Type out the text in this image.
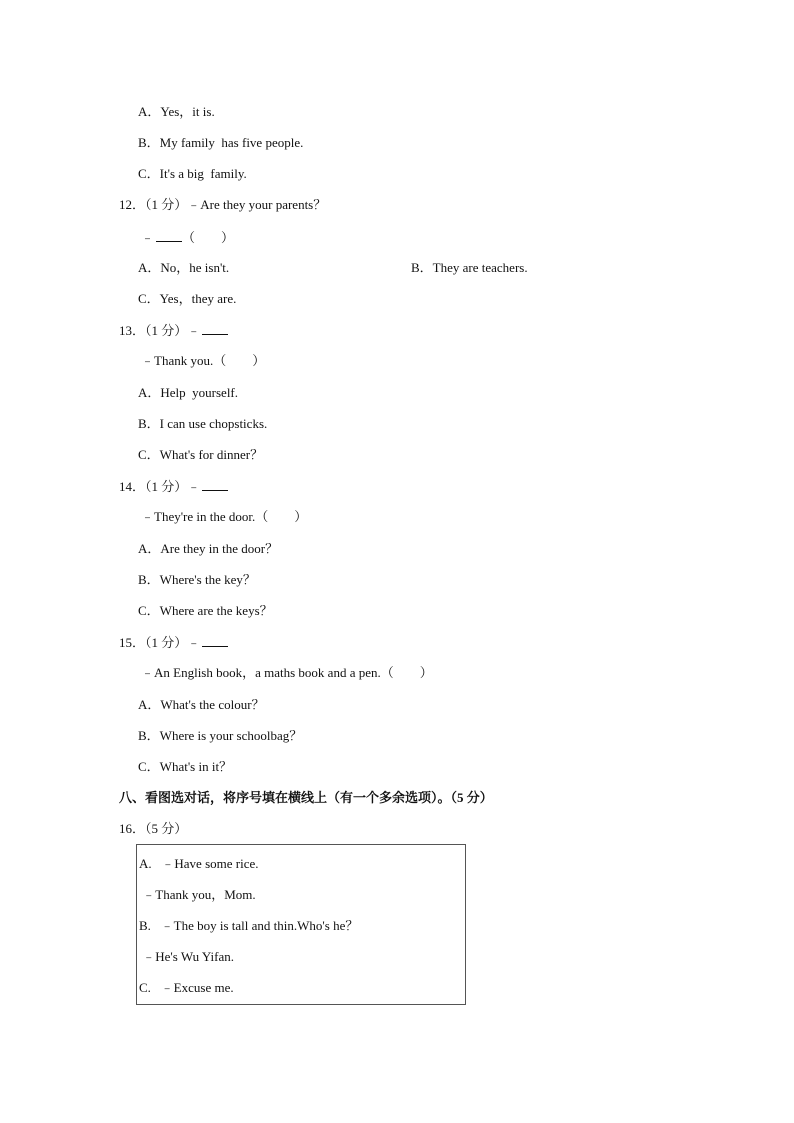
A．Yes，it is.
B．My family  has five people.
C．It's a big  family.
12．（1 分）﹣Are they your parents？
﹣ （        ）
A．No，he isn't.	B．They are teachers.
C．Yes，they are.
13．（1 分）﹣
﹣Thank you.（        ）
A．Help  yourself.
B．I can use chopsticks.
C．What's for dinner？
14．（1 分）﹣
﹣They're in the door.（        ）
A．Are they in the door？
B．Where's the key？
C．Where are the keys？
15．（1 分）﹣
﹣An English book，a maths book and a pen.（        ）
A．What's the colour？
B．Where is your schoolbag？
C．What's in it？
八、看图选对话，将序号填在横线上（有一个多余选项）。（5 分）
16．（5 分）
A.   ﹣Have some rice.
﹣Thank you，Mom.
B.   ﹣The boy is tall and thin.Who's he？
﹣He's Wu Yifan.
C.   ﹣Excuse me.
